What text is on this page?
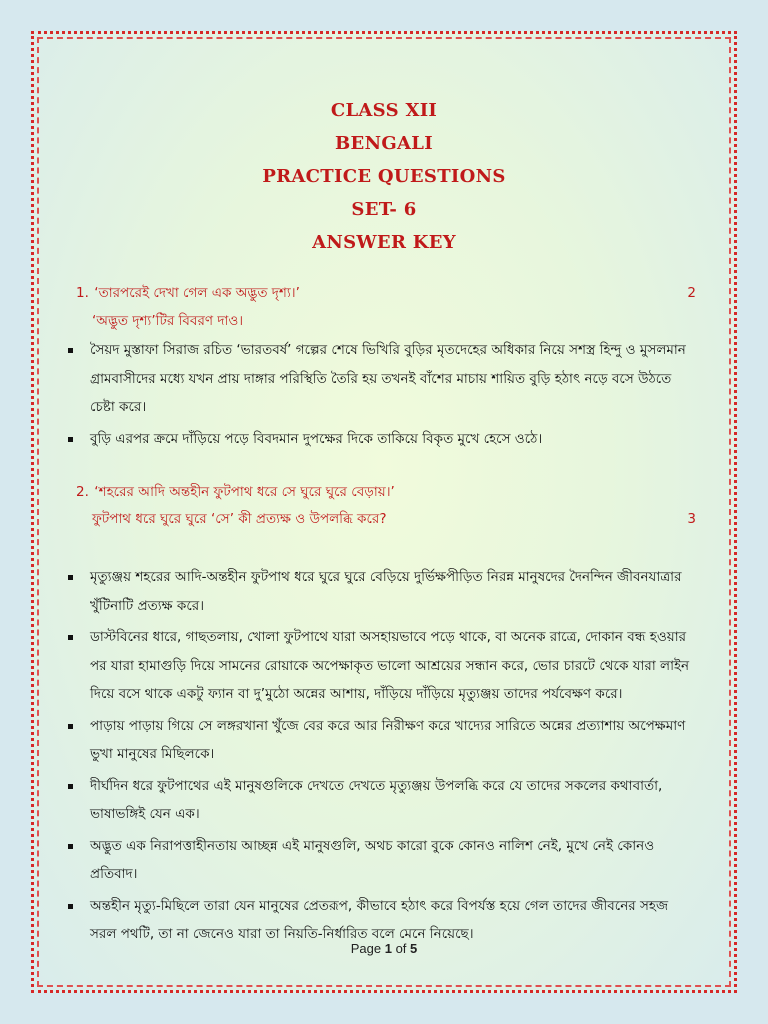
CLASS XII
BENGALI
PRACTICE QUESTIONS
SET- 6
ANSWER KEY
1. ‘তারপরেই দেখা গেল এক অদ্ভুত দৃশ্য।’	2
‘অদ্ভুত দৃশ্য’টির বিবরণ দাও।
সৈয়দ মুস্তাফা সিরাজ রচিত ‘ভারতবর্ষ’ গল্পের শেষে ভিখিরি বুড়ির মৃতদেহের অধিকার নিয়ে সশস্ত্র হিন্দু ও মুসলমান গ্রামবাসীদের মধ্যে যখন প্রায় দাঙ্গার পরিস্থিতি তৈরি হয় তখনই বাঁশের মাচায় শায়িত বুড়ি হঠাৎ নড়ে বসে উঠতে চেষ্টা করে।
বুড়ি এরপর ক্রমে দাঁড়িয়ে পড়ে বিবদমান দুপক্ষের দিকে তাকিয়ে বিকৃত মুখে হেসে ওঠে।
2. ‘শহরের আদি অন্তহীন ফুটপাথ ধরে সে ঘুরে ঘুরে বেড়ায়।’
ফুটপাথ ধরে ঘুরে ঘুরে ‘সে’ কী প্রত্যক্ষ ও উপলব্ধি করে?	3
মৃত্যুঞ্জয় শহরের আদি-অন্তহীন ফুটপাথ ধরে ঘুরে ঘুরে বেড়িয়ে দুর্ভিক্ষপীড়িত নিরন্ন মানুষদের দৈনন্দিন জীবনযাত্রার খুঁটিনাটি প্রত্যক্ষ করে।
ডাস্টবিনের ধারে, গাছতলায়, খোলা ফুটপাথে যারা অসহায়ভাবে পড়ে থাকে, বা অনেক রাত্রে, দোকান বন্ধ হওয়ার পর যারা হামাগুড়ি দিয়ে সামনের রোয়াকে অপেক্ষাকৃত ভালো আশ্রয়ের সন্ধান করে, ভোর চারটে থেকে যারা লাইন দিয়ে বসে থাকে একটু ফ্যান বা দু’মুঠো অন্নের আশায়, দাঁড়িয়ে দাঁড়িয়ে মৃত্যুঞ্জয় তাদের পর্যবেক্ষণ করে।
পাড়ায় পাড়ায় গিয়ে সে লঙ্গরখানা খুঁজে বের করে আর নিরীক্ষণ করে খাদ্যের সারিতে অন্নের প্রত্যাশায় অপেক্ষমাণ ভুখা মানুষের মিছিলকে।
দীর্ঘদিন ধরে ফুটপাথের এই মানুষগুলিকে দেখতে দেখতে মৃত্যুঞ্জয় উপলব্ধি করে যে তাদের সকলের কথাবার্তা, ভাষাভঙ্গিই যেন এক।
অদ্ভুত এক নিরাপত্তাহীনতায় আচ্ছন্ন এই মানুষগুলি, অথচ কারো বুকে কোনও নালিশ নেই, মুখে নেই কোনও প্রতিবাদ।
অন্তহীন মৃত্যু-মিছিলে তারা যেন মানুষের প্রেতরূপ, কীভাবে হঠাৎ করে বিপর্যস্ত হয়ে গেল তাদের জীবনের সহজ সরল পথটি, তা না জেনেও যারা তা নিয়তি-নির্ধারিত বলে মেনে নিয়েছে।
Page 1 of 5
